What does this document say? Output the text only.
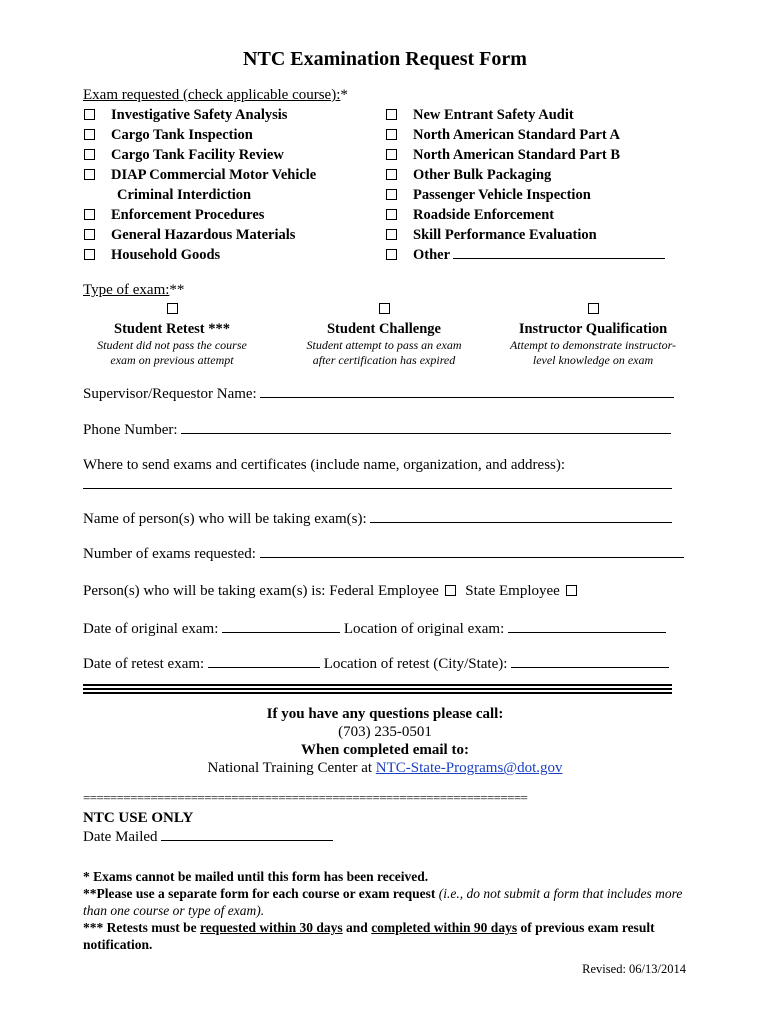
NTC Examination Request Form
Exam requested (check applicable course):*
Investigative Safety Analysis
Cargo Tank Inspection
Cargo Tank Facility Review
DIAP Commercial Motor Vehicle
Criminal Interdiction
Enforcement Procedures
General Hazardous Materials
Household Goods
New Entrant Safety Audit
North American Standard Part A
North American Standard Part B
Other Bulk Packaging
Passenger Vehicle Inspection
Roadside Enforcement
Skill Performance Evaluation
Other
Type of exam:**
Student Retest ***
Student did not pass the course
exam on previous attempt
Student Challenge
Student attempt to pass an exam
after certification has expired
Instructor Qualification
Attempt to demonstrate instructor-
level knowledge on exam
Supervisor/Requestor Name:
Phone Number:
Where to send exams and certificates (include name, organization, and address):
Name of person(s) who will be taking exam(s):
Number of exams requested:
Person(s) who will be taking exam(s) is: Federal Employee State Employee
Date of original exam:	Location of original exam:
Date of retest exam:	Location of retest (City/State):
If you have any questions please call:
(703) 235-0501
When completed email to:
National Training Center at NTC-State-Programs@dot.gov
==================================================================
NTC USE ONLY
Date Mailed
* Exams cannot be mailed until this form has been received.
**Please use a separate form for each course or exam request (i.e., do not submit a form that includes more than one course or type of exam).
*** Retests must be requested within 30 days and completed within 90 days of previous exam result notification.
Revised: 06/13/2014
